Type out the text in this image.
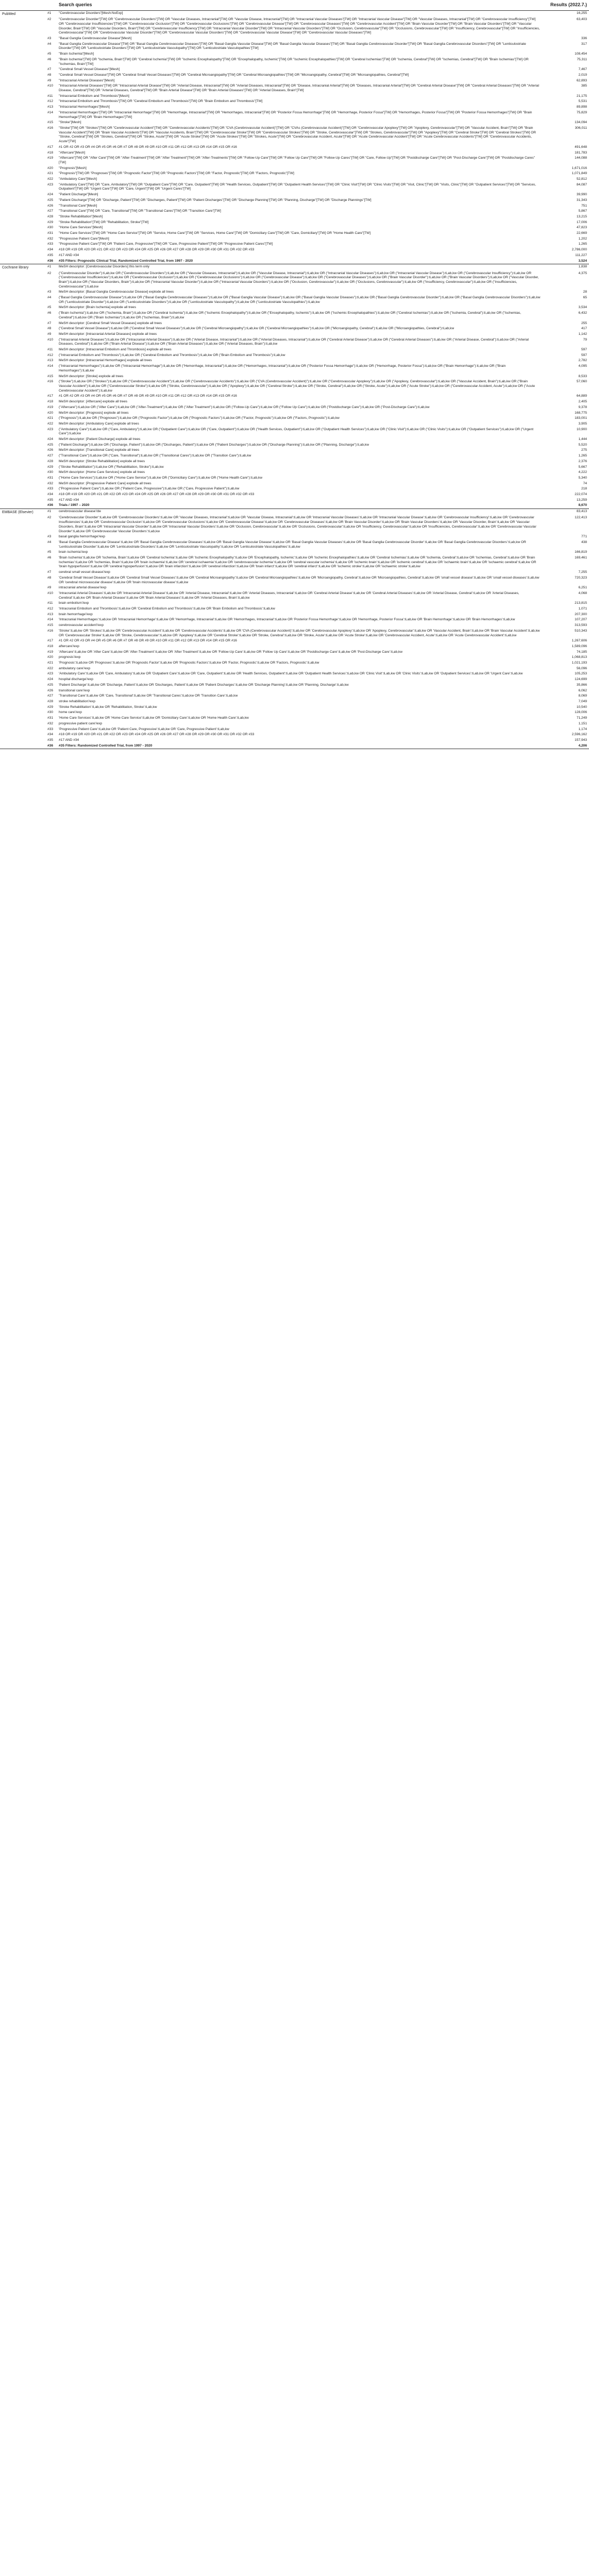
		Search queries	Results (2022.7.)
PubMed	#1	"Cerebrovascular Disorders"[Mesh:NoExp]	16,255
	#2	"Cerebrovascular Disorder"[TW] OR "Cerebrovascular Disorders"[TW] OR "Vascular Diseases, Intracranial"[TW] OR "Vascular Disease, Intracranial"[TW] OR "Intracranial Vascular Diseases"[TW] OR "Intracranial Vascular Disease"[TW] OR "Vascular Diseases, Intracranial"[TW] OR "Cerebrovascular Insufficiency"[TW] OR "Cerebrovascular Insufficiencies"[TW] OR "Cerebrovascular Occlusion"[TW] OR "Cerebrovascular Occlusions"[TW] OR "Cerebrovascular Disease"[TW] OR "Cerebrovascular Diseases"[TW] OR "Cerebrovascular Accident"[TW] OR "Brain Vascular Disorder"[TW] OR "Brain Vascular Disorders"[TW] OR "Vascular Disorder, Brain"[TW] OR "Vascular Disorders, Brain"[TW] OR "Cerebrovascular Insufficiency"[TW] OR "Intracranial Vascular Disorder"[TW] OR "Intracranial Vascular Disorders"[TW] OR "Occlusion, Cerebrovascular"[TW] OR "Occlusions, Cerebrovascular"[TW] OR "Insufficiency, Cerebrovascular"[TW] OR "Insufficiencies, Cerebrovascular"[TW] OR "Cerebrovascular Vascular Disorder"[TW] OR "Cerebrovascular Vascular Disorders"[TW] OR "Cerebrovascular Vascular Disease"[TW] OR "Cerebrovascular Vascular Diseases"[TW]	63,403
	#3	"Basal Ganglia Cerebrovascular Disease"[Mesh]	336
	#4	"Basal Ganglia Cerebrovascular Disease"[TW] OR "Basal Ganglia Cerebrovascular Diseases"[TW] OR "Basal Ganglia Vascular Disease"[TW] OR "Basal Ganglia Vascular Diseases"[TW] OR "Basal Ganglia Cerebrovascular Disorder"[TW] OR "Basal Ganglia Cerebrovascular Disorders"[TW] OR "Lenticulostriate Disorder"[TW] OR "Lenticulostriate Disorders"[TW] OR "Lenticulostriate Vasculopathy"[TW] OR "Lenticulostriate Vasculopathies"[TW]	317
	#5	"Brain Ischemia"[Mesh]	108,454
	#6	"Brain Ischemia"[TW] OR "Ischemia, Brain"[TW] OR "Cerebral Ischemia"[TW] OR "Ischemic Encephalopathy"[TW] OR "Encephalopathy, Ischemic"[TW] OR "Ischemic Encephalopathies"[TW] OR "Cerebral Ischemias"[TW] OR "Ischemia, Cerebral"[TW] OR "Ischemias, Cerebral"[TW] OR "Brain Ischemias"[TW] OR "Ischemias, Brain"[TW]	75,311
	#7	"Cerebral Small Vessel Diseases"[Mesh]	7,467
	#8	"Cerebral Small Vessel Disease"[TW] OR "Cerebral Small Vessel Diseases"[TW] OR "Cerebral Microangiopathy"[TW] OR "Cerebral Microangiopathies"[TW] OR "Microangiopathy, Cerebral"[TW] OR "Microangiopathies, Cerebral"[TW]	2,019
	#9	"Intracranial Arterial Diseases"[Mesh]	62,893
	#10	"Intracranial Arterial Diseases"[TW] OR "Intracranial Arterial Disease"[TW] OR "Arterial Disease, Intracranial"[TW] OR "Arterial Diseases, Intracranial"[TW] OR "Disease, Intracranial Arterial"[TW] OR "Diseases, Intracranial Arterial"[TW] OR "Cerebral Arterial Disease"[TW] OR "Cerebral Arterial Diseases"[TW] OR "Arterial Disease, Cerebral"[TW] OR "Arterial Diseases, Cerebral"[TW] OR "Brain Arterial Disease"[TW] OR "Brain Arterial Diseases"[TW] OR "Arterial Diseases, Brain"[TW]	385
	#11	"Intracranial Embolism and Thrombosis"[Mesh]	21,175
	#12	"Intracranial Embolism and Thrombosis"[TW] OR "Cerebral Embolism and Thrombosis"[TW] OR "Brain Embolism and Thrombosis"[TW]	5,531
	#13	"Intracranial Hemorrhages"[Mesh]	89,898
	#14	"Intracranial Hemorrhages"[TW] OR "Intracranial Hemorrhage"[TW] OR "Hemorrhage, Intracranial"[TW] OR "Hemorrhages, Intracranial"[TW] OR "Posterior Fossa Hemorrhage"[TW] OR "Hemorrhage, Posterior Fossa"[TW] OR "Hemorrhages, Posterior Fossa"[TW] OR "Posterior Fossa Hemorrhages"[TW] OR "Brain Hemorrhage"[TW] OR "Brain Hemorrhages"[TW]	75,829
	#15	"Stroke"[Mesh]	134,094
	#16	"Stroke"[TW] OR "Strokes"[TW] OR "Cerebrovascular Accident"[TW] OR "Cerebrovascular Accidents"[TW] OR "CVA (Cerebrovascular Accident)"[TW] OR "CVAs (Cerebrovascular Accident)"[TW] OR "Cerebrovascular Apoplexy"[TW] OR "Apoplexy, Cerebrovascular"[TW] OR "Vascular Accident, Brain"[TW] OR "Brain Vascular Accident"[TW] OR "Brain Vascular Accidents"[TW] OR "Vascular Accidents, Brain"[TW] OR "Cerebrovascular Stroke"[TW] OR "Cerebrovascular Strokes"[TW] OR "Stroke, Cerebrovascular"[TW] OR "Strokes, Cerebrovascular"[TW] OR "Apoplexy"[TW] OR "Cerebral Stroke"[TW] OR "Cerebral Strokes"[TW] OR "Stroke, Cerebral"[TW] OR "Strokes, Cerebral"[TW] OR "Stroke, Acute"[TW] OR "Acute Stroke"[TW] OR "Acute Strokes"[TW] OR "Strokes, Acute"[TW] OR "Cerebrovascular Accident, Acute"[TW] OR "Acute Cerebrovascular Accident"[TW] OR "Acute Cerebrovascular Accidents"[TW] OR "Cerebrovascular Accidents, Acute"[TW]	306,011
	#17	#1 OR #2 OR #3 OR #4 OR #5 OR #6 OR #7 OR #8 OR #9 OR #10 OR #11 OR #12 OR #13 OR #14 OR #15 OR #16	491,648
	#18	"Aftercare"[Mesh]	181,783
	#19	"Aftercare"[TW] OR "After Care"[TW] OR "After-Treatment"[TW] OR "After Treatment"[TW] OR "After-Treatments"[TW] OR "Follow-Up Care"[TW] OR "Follow Up Care"[TW] OR "Follow-Up Cares"[TW] OR "Care, Follow-Up"[TW] OR "Postdischarge Care"[TW] OR "Post-Discharge Care"[TW] OR "Postdischarge Cares"[TW]	144,088
	#20	"Prognosis"[Mesh]	1,671,016
	#21	"Prognosis"[TW] OR "Prognoses"[TW] OR "Prognostic Factor"[TW] OR "Prognostic Factors"[TW] OR "Factor, Prognostic"[TW] OR "Factors, Prognostic"[TW]	1,071,849
	#22	"Ambulatory Care"[Mesh]	52,812
	#23	"Ambulatory Care"[TW] OR "Care, Ambulatory"[TW] OR "Outpatient Care"[TW] OR "Care, Outpatient"[TW] OR "Health Services, Outpatient"[TW] OR "Outpatient Health Services"[TW] OR "Clinic Visit"[TW] OR "Clinic Visits"[TW] OR "Visit, Clinic"[TW] OR "Visits, Clinic"[TW] OR "Outpatient Services"[TW] OR "Services, Outpatient"[TW] OR "Urgent Care"[TW] OR "Care, Urgent"[TW] OR "Urgent Cares"[TW]	84,087
	#24	"Patient Discharge"[Mesh]	39,990
	#25	"Patient Discharge"[TW] OR "Discharge, Patient"[TW] OR "Discharges, Patient"[TW] OR "Patient Discharges"[TW] OR "Discharge Planning"[TW] OR "Planning, Discharge"[TW] OR "Discharge Plannings"[TW]	31,343
	#26	"Transitional Care"[Mesh]	751
	#27	"Transitional Care"[TW] OR "Care, Transitional"[TW] OR "Transitional Cares"[TW] OR "Transition Care"[TW]	5,867
	#28	"Stroke Rehabilitation"[Mesh]	13,215
	#29	"Stroke Rehabilitation"[TW] OR "Rehabilitation, Stroke"[TW]	17,006
	#30	"Home Care Services"[Mesh]	47,823
	#31	"Home Care Services"[TW] OR "Home Care Service"[TW] OR "Service, Home Care"[TW] OR "Services, Home Care"[TW] OR "Domiciliary Care"[TW] OR "Care, Domiciliary"[TW] OR "Home Health Care"[TW]	22,669
	#32	"Progressive Patient Care"[Mesh]	1,202
	#33	"Progressive Patient Care"[TW] OR "Patient Care, Progressive"[TW] OR "Care, Progressive Patient"[TW] OR "Progressive Patient Cares"[TW]	1,265
	#34	#18 OR #19 OR #20 OR #21 OR #22 OR #23 OR #24 OR #25 OR #26 OR #27 OR #28 OR #29 OR #30 OR #31 OR #32 OR #33	2,786,000
	#35	#17 AND #34	111,227
	#36	#35 Filters: Prognostic Clinical Trial, Randomized Controlled Trial, from 1997 - 2020	3,524
Cochrane library	#1	MeSH descriptor: [Cerebrovascular Disorders] this term only	1,838
	#2	("Cerebrovascular Disorder"):ti,ab,kw OR ("Cerebrovascular Disorders"):ti,ab,kw OR ("Vascular Diseases, Intracranial"):ti,ab,kw OR ("Vascular Disease, Intracranial"):ti,ab,kw OR ("Intracranial Vascular Diseases"):ti,ab,kw OR ("Intracranial Vascular Disease"):ti,ab,kw OR ("Cerebrovascular Insufficiency"):ti,ab,kw OR ("Cerebrovascular Insufficiencies"):ti,ab,kw OR ("Cerebrovascular Occlusion"):ti,ab,kw OR ("Cerebrovascular Occlusions"):ti,ab,kw OR ("Cerebrovascular Disease"):ti,ab,kw OR ("Cerebrovascular Diseases"):ti,ab,kw OR ("Brain Vascular Disorder"):ti,ab,kw OR ("Brain Vascular Disorders"):ti,ab,kw OR ("Vascular Disorder, Brain"):ti,ab,kw OR ("Vascular Disorders, Brain"):ti,ab,kw OR ("Intracranial Vascular Disorder"):ti,ab,kw OR ("Intracranial Vascular Disorders"):ti,ab,kw OR ("Occlusion, Cerebrovascular"):ti,ab,kw OR ("Occlusions, Cerebrovascular"):ti,ab,kw OR ("Insufficiency, Cerebrovascular"):ti,ab,kw OR ("Insufficiencies, Cerebrovascular"):ti,ab,kw	4,375
	#3	MeSH descriptor: [Basal Ganglia Cerebrovascular Disease] explode all trees	28
	#4	("Basal Ganglia Cerebrovascular Disease"):ti,ab,kw OR ("Basal Ganglia Cerebrovascular Diseases"):ti,ab,kw OR ("Basal Ganglia Vascular Disease"):ti,ab,kw OR ("Basal Ganglia Vascular Diseases"):ti,ab,kw OR ("Basal Ganglia Cerebrovascular Disorder"):ti,ab,kw OR ("Basal Ganglia Cerebrovascular Disorders"):ti,ab,kw OR ("Lenticulostriate Disorder"):ti,ab,kw OR ("Lenticulostriate Disorders"):ti,ab,kw OR ("Lenticulostriate Vasculopathy"):ti,ab,kw OR ("Lenticulostriate Vasculopathies"):ti,ab,kw	65
	#5	MeSH descriptor: [Brain Ischemia] explode all trees	3,534
	#6	("Brain Ischemia"):ti,ab,kw OR ("Ischemia, Brain"):ti,ab,kw OR ("Cerebral Ischemia"):ti,ab,kw OR ("Ischemic Encephalopathy"):ti,ab,kw OR ("Encephalopathy, Ischemic"):ti,ab,kw OR ("Ischemic Encephalopathies"):ti,ab,kw OR ("Cerebral Ischemias"):ti,ab,kw OR ("Ischemia, Cerebral"):ti,ab,kw OR ("Ischemias, Cerebral"):ti,ab,kw OR ("Brain Ischemias"):ti,ab,kw OR ("Ischemias, Brain"):ti,ab,kw	6,432
	#7	MeSH descriptor: [Cerebral Small Vessel Diseases] explode all trees	255
	#8	("Cerebral Small Vessel Disease"):ti,ab,kw OR ("Cerebral Small Vessel Diseases"):ti,ab,kw OR ("Cerebral Microangiopathy"):ti,ab,kw OR ("Cerebral Microangiopathies"):ti,ab,kw OR ("Microangiopathy, Cerebral"):ti,ab,kw OR ("Microangiopathies, Cerebral"):ti,ab,kw	417
	#9	MeSH descriptor: [Intracranial Arterial Diseases] explode all trees	1,142
	#10	("Intracranial Arterial Diseases"):ti,ab,kw OR ("Intracranial Arterial Disease"):ti,ab,kw OR ("Arterial Disease, Intracranial"):ti,ab,kw OR ("Arterial Diseases, Intracranial"):ti,ab,kw OR ("Cerebral Arterial Disease"):ti,ab,kw OR ("Cerebral Arterial Diseases"):ti,ab,kw OR ("Arterial Disease, Cerebral"):ti,ab,kw OR ("Arterial Diseases, Cerebral"):ti,ab,kw OR ("Brain Arterial Disease"):ti,ab,kw OR ("Brain Arterial Diseases"):ti,ab,kw OR ("Arterial Diseases, Brain"):ti,ab,kw	79
	#11	MeSH descriptor: [Intracranial Embolism and Thrombosis] explode all trees	597
	#12	("Intracranial Embolism and Thrombosis"):ti,ab,kw OR ("Cerebral Embolism and Thrombosis"):ti,ab,kw OR ("Brain Embolism and Thrombosis"):ti,ab,kw	597
	#13	MeSH descriptor: [Intracranial Hemorrhages] explode all trees	2,782
	#14	("Intracranial Hemorrhages"):ti,ab,kw OR ("Intracranial Hemorrhage"):ti,ab,kw OR ("Hemorrhage, Intracranial"):ti,ab,kw OR ("Hemorrhages, Intracranial"):ti,ab,kw OR ("Posterior Fossa Hemorrhage"):ti,ab,kw OR ("Hemorrhage, Posterior Fossa"):ti,ab,kw OR ("Brain Hemorrhage"):ti,ab,kw OR ("Brain Hemorrhages"):ti,ab,kw	4,095
	#15	MeSH descriptor: [Stroke] explode all trees	8,533
	#16	("Stroke"):ti,ab,kw OR ("Strokes"):ti,ab,kw OR ("Cerebrovascular Accident"):ti,ab,kw OR ("Cerebrovascular Accidents"):ti,ab,kw OR ("CVA (Cerebrovascular Accident)"):ti,ab,kw OR ("Cerebrovascular Apoplexy"):ti,ab,kw OR ("Apoplexy, Cerebrovascular"):ti,ab,kw OR ("Vascular Accident, Brain"):ti,ab,kw OR ("Brain Vascular Accident"):ti,ab,kw OR ("Cerebrovascular Stroke"):ti,ab,kw OR ("Stroke, Cerebrovascular"):ti,ab,kw OR ("Apoplexy"):ti,ab,kw OR ("Cerebral Stroke"):ti,ab,kw OR ("Stroke, Cerebral"):ti,ab,kw OR ("Stroke, Acute"):ti,ab,kw OR ("Acute Stroke"):ti,ab,kw OR ("Cerebrovascular Accident, Acute"):ti,ab,kw OR ("Acute Cerebrovascular Accident"):ti,ab,kw	57,060
	#17	#1 OR #2 OR #3 OR #4 OR #5 OR #6 OR #7 OR #8 OR #9 OR #10 OR #11 OR #12 OR #13 OR #14 OR #15 OR #16	64,889
	#18	MeSH descriptor: [Aftercare] explode all trees	2,405
	#19	("Aftercare"):ti,ab,kw OR ("After Care"):ti,ab,kw OR ("After-Treatment"):ti,ab,kw OR ("After Treatment"):ti,ab,kw OR ("Follow-Up Care"):ti,ab,kw OR ("Follow Up Care"):ti,ab,kw OR ("Postdischarge Care"):ti,ab,kw OR ("Post-Discharge Care"):ti,ab,kw	9,378
	#20	MeSH descriptor: [Prognosis] explode all trees	168,775
	#21	("Prognosis"):ti,ab,kw OR ("Prognoses"):ti,ab,kw OR ("Prognostic Factor"):ti,ab,kw OR ("Prognostic Factors"):ti,ab,kw OR ("Factor, Prognostic"):ti,ab,kw OR ("Factors, Prognostic"):ti,ab,kw	183,001
	#22	MeSH descriptor: [Ambulatory Care] explode all trees	3,905
	#23	("Ambulatory Care"):ti,ab,kw OR ("Care, Ambulatory"):ti,ab,kw OR ("Outpatient Care"):ti,ab,kw OR ("Care, Outpatient"):ti,ab,kw OR ("Health Services, Outpatient"):ti,ab,kw OR ("Outpatient Health Services"):ti,ab,kw OR ("Clinic Visit"):ti,ab,kw OR ("Clinic Visits"):ti,ab,kw OR ("Outpatient Services"):ti,ab,kw OR ("Urgent Care"):ti,ab,kw	10,900
	#24	MeSH descriptor: [Patient Discharge] explode all trees	1,444
	#25	("Patient Discharge"):ti,ab,kw OR ("Discharge, Patient"):ti,ab,kw OR ("Discharges, Patient"):ti,ab,kw OR ("Patient Discharges"):ti,ab,kw OR ("Discharge Planning"):ti,ab,kw OR ("Planning, Discharge"):ti,ab,kw	5,520
	#26	MeSH descriptor: [Transitional Care] explode all trees	275
	#27	("Transitional Care"):ti,ab,kw OR ("Care, Transitional"):ti,ab,kw OR ("Transitional Cares"):ti,ab,kw OR ("Transition Care"):ti,ab,kw	1,265
	#28	MeSH descriptor: [Stroke Rehabilitation] explode all trees	2,376
	#29	("Stroke Rehabilitation"):ti,ab,kw OR ("Rehabilitation, Stroke"):ti,ab,kw	5,667
	#30	MeSH descriptor: [Home Care Services] explode all trees	4,222
	#31	("Home Care Services"):ti,ab,kw OR ("Home Care Service"):ti,ab,kw OR ("Domiciliary Care"):ti,ab,kw OR ("Home Health Care"):ti,ab,kw	5,340
	#32	MeSH descriptor: [Progressive Patient Care] explode all trees	74
	#33	("Progressive Patient Care"):ti,ab,kw OR ("Patient Care, Progressive"):ti,ab,kw OR ("Care, Progressive Patient"):ti,ab,kw	218
	#34	#18 OR #19 OR #20 OR #21 OR #22 OR #23 OR #24 OR #25 OR #26 OR #27 OR #28 OR #29 OR #30 OR #31 OR #32 OR #33	222,074
	#35	#17 AND #34	13,259
	#36	Trials / 1997 – 2020	8,670
EMBASE (Elsevier)	#1	cerebrovascular disease'/de	83,413
	#2	'Cerebrovascular Disorder':ti,ab,kw OR 'Cerebrovascular Disorders':ti,ab,kw OR 'Vascular Diseases, Intracranial':ti,ab,kw OR 'Vascular Disease, Intracranial':ti,ab,kw OR 'Intracranial Vascular Diseases':ti,ab,kw OR 'Intracranial Vascular Disease':ti,ab,kw OR 'Cerebrovascular Insufficiency':ti,ab,kw OR 'Cerebrovascular Insufficiencies':ti,ab,kw OR 'Cerebrovascular Occlusion':ti,ab,kw OR 'Cerebrovascular Occlusions':ti,ab,kw OR 'Cerebrovascular Disease':ti,ab,kw OR 'Cerebrovascular Diseases':ti,ab,kw OR 'Brain Vascular Disorder':ti,ab,kw OR 'Brain Vascular Disorders':ti,ab,kw OR 'Vascular Disorder, Brain':ti,ab,kw OR 'Vascular Disorders, Brain':ti,ab,kw OR 'Intracranial Vascular Disorder':ti,ab,kw OR 'Intracranial Vascular Disorders':ti,ab,kw OR 'Occlusion, Cerebrovascular':ti,ab,kw OR 'Occlusions, Cerebrovascular':ti,ab,kw OR 'Insufficiency, Cerebrovascular':ti,ab,kw OR 'Insufficiencies, Cerebrovascular':ti,ab,kw OR 'Cerebrovascular Vascular Disorder':ti,ab,kw OR 'Cerebrovascular Vascular Disorders':ti,ab,kw	122,413
	#3	basal ganglia hemorrhage'/exp	771
	#4	'Basal Ganglia Cerebrovascular Disease':ti,ab,kw OR 'Basal Ganglia Cerebrovascular Diseases':ti,ab,kw OR 'Basal Ganglia Vascular Disease':ti,ab,kw OR 'Basal Ganglia Vascular Diseases':ti,ab,kw OR 'Basal Ganglia Cerebrovascular Disorder':ti,ab,kw OR 'Basal Ganglia Cerebrovascular Disorders':ti,ab,kw OR 'Lenticulostriate Disorder':ti,ab,kw OR 'Lenticulostriate Disorders':ti,ab,kw OR 'Lenticulostriate Vasculopathy':ti,ab,kw OR 'Lenticulostriate Vasculopathies':ti,ab,kw	438
	#5	brain ischemia'/exp	166,819
	#6	'Brain Ischemia':ti,ab,kw OR 'Ischemia, Brain':ti,ab,kw OR 'Cerebral Ischemia':ti,ab,kw OR 'Ischemic Encephalopathy':ti,ab,kw OR 'Encephalopathy, Ischemic':ti,ab,kw OR 'Ischemic Encephalopathies':ti,ab,kw OR 'Cerebral Ischemias':ti,ab,kw OR 'Ischemia, Cerebral':ti,ab,kw OR 'Ischemias, Cerebral':ti,ab,kw OR 'Brain Ischemias':ti,ab,kw OR 'Ischemias, Brain':ti,ab,kw OR 'brain ischaemia':ti,ab,kw OR 'cerebral ischaemia':ti,ab,kw OR 'cerebrovascular ischemia':ti,ab,kw OR 'cerebral vascular ischemia':ti,ab,kw OR 'ischemic brain':ti,ab,kw OR 'ischemic cerebral':ti,ab,kw OR 'ischaemic brain':ti,ab,kw OR 'ischaemic cerebral':ti,ab,kw OR 'brain hypoperfusion':ti,ab,kw OR 'cerebral hypoperfusion':ti,ab,kw OR 'brain infarction':ti,ab,kw OR 'cerebral infarction':ti,ab,kw OR 'brain infarct':ti,ab,kw OR 'cerebral infarct':ti,ab,kw OR 'ischemic stroke':ti,ab,kw OR 'ischaemic stroke':ti,ab,kw	169,461
	#7	cerebral small vessel disease'/exp	7,255
	#8	'Cerebral Small Vessel Disease':ti,ab,kw OR 'Cerebral Small Vessel Diseases':ti,ab,kw OR 'Cerebral Microangiopathy':ti,ab,kw OR 'Cerebral Microangiopathies':ti,ab,kw OR 'Microangiopathy, Cerebral':ti,ab,kw OR 'Microangiopathies, Cerebral':ti,ab,kw OR 'small vessel disease':ti,ab,kw OR 'small vessel diseases':ti,ab,kw OR 'cerebral microvascular disease':ti,ab,kw OR 'brain microvascular disease':ti,ab,kw	720,323
	#9	intracranial arterial disease'/exp	6,251
	#10	'Intracranial Arterial Diseases':ti,ab,kw OR 'Intracranial Arterial Disease':ti,ab,kw OR 'Arterial Disease, Intracranial':ti,ab,kw OR 'Arterial Diseases, Intracranial':ti,ab,kw OR 'Cerebral Arterial Disease':ti,ab,kw OR 'Cerebral Arterial Diseases':ti,ab,kw OR 'Arterial Disease, Cerebral':ti,ab,kw OR 'Arterial Diseases, Cerebral':ti,ab,kw OR 'Brain Arterial Disease':ti,ab,kw OR 'Brain Arterial Diseases':ti,ab,kw OR 'Arterial Diseases, Brain':ti,ab,kw	4,068
	#11	brain embolism'/exp	213,815
	#12	'Intracranial Embolism and Thrombosis':ti,ab,kw OR 'Cerebral Embolism and Thrombosis':ti,ab,kw OR 'Brain Embolism and Thrombosis':ti,ab,kw	1,071
	#13	brain hemorrhage'/exp	207,300
	#14	'Intracranial Hemorrhages':ti,ab,kw OR 'Intracranial Hemorrhage':ti,ab,kw OR 'Hemorrhage, Intracranial':ti,ab,kw OR 'Hemorrhages, Intracranial':ti,ab,kw OR 'Posterior Fossa Hemorrhage':ti,ab,kw OR 'Hemorrhage, Posterior Fossa':ti,ab,kw OR 'Brain Hemorrhage':ti,ab,kw OR 'Brain Hemorrhages':ti,ab,kw	107,207
	#15	cerebrovascular accident'/exp	313,593
	#16	'Stroke':ti,ab,kw OR 'Strokes':ti,ab,kw OR 'Cerebrovascular Accident':ti,ab,kw OR 'Cerebrovascular Accidents':ti,ab,kw OR 'CVA (Cerebrovascular Accident)':ti,ab,kw OR 'Cerebrovascular Apoplexy':ti,ab,kw OR 'Apoplexy, Cerebrovascular':ti,ab,kw OR 'Vascular Accident, Brain':ti,ab,kw OR 'Brain Vascular Accident':ti,ab,kw OR 'Cerebrovascular Stroke':ti,ab,kw OR 'Stroke, Cerebrovascular':ti,ab,kw OR 'Apoplexy':ti,ab,kw OR 'Cerebral Stroke':ti,ab,kw OR 'Stroke, Cerebral':ti,ab,kw OR 'Stroke, Acute':ti,ab,kw OR 'Acute Stroke':ti,ab,kw OR 'Cerebrovascular Accident, Acute':ti,ab,kw OR 'Acute Cerebrovascular Accident':ti,ab,kw	510,343
	#17	#1 OR #2 OR #3 OR #4 OR #5 OR #6 OR #7 OR #8 OR #9 OR #10 OR #11 OR #12 OR #13 OR #14 OR #15 OR #16	1,267,606
	#18	aftercare'/exp	1,589,096
	#19	'Aftercare':ti,ab,kw OR 'After Care':ti,ab,kw OR 'After-Treatment':ti,ab,kw OR 'After Treatment':ti,ab,kw OR 'Follow-Up Care':ti,ab,kw OR 'Follow Up Care':ti,ab,kw OR 'Postdischarge Care':ti,ab,kw OR 'Post-Discharge Care':ti,ab,kw	74,185
	#20	prognosis'/exp	1,068,813
	#21	'Prognosis':ti,ab,kw OR 'Prognoses':ti,ab,kw OR 'Prognostic Factor':ti,ab,kw OR 'Prognostic Factors':ti,ab,kw OR 'Factor, Prognostic':ti,ab,kw OR 'Factors, Prognostic':ti,ab,kw	1,021,193
	#22	ambulatory care'/exp	56,096
	#23	'Ambulatory Care':ti,ab,kw OR 'Care, Ambulatory':ti,ab,kw OR 'Outpatient Care':ti,ab,kw OR 'Care, Outpatient':ti,ab,kw OR 'Health Services, Outpatient':ti,ab,kw OR 'Outpatient Health Services':ti,ab,kw OR 'Clinic Visit':ti,ab,kw OR 'Clinic Visits':ti,ab,kw OR 'Outpatient Services':ti,ab,kw OR 'Urgent Care':ti,ab,kw	105,253
	#24	hospital discharge'/exp	124,699
	#25	'Patient Discharge':ti,ab,kw OR 'Discharge, Patient':ti,ab,kw OR 'Discharges, Patient':ti,ab,kw OR 'Patient Discharges':ti,ab,kw OR 'Discharge Planning':ti,ab,kw OR 'Planning, Discharge':ti,ab,kw	35,866
	#26	transitional care'/exp	6,062
	#27	'Transitional Care':ti,ab,kw OR 'Care, Transitional':ti,ab,kw OR 'Transitional Cares':ti,ab,kw OR 'Transition Care':ti,ab,kw	8,069
	#28	stroke rehabilitation'/exp	7,049
	#29	'Stroke Rehabilitation':ti,ab,kw OR 'Rehabilitation, Stroke':ti,ab,kw	10,540
	#30	home care'/exp	128,006
	#31	'Home Care Services':ti,ab,kw OR 'Home Care Service':ti,ab,kw OR 'Domiciliary Care':ti,ab,kw OR 'Home Health Care':ti,ab,kw	71,249
	#32	progressive patient care'/exp	1,151
	#33	'Progressive Patient Care':ti,ab,kw OR 'Patient Care, Progressive':ti,ab,kw OR 'Care, Progressive Patient':ti,ab,kw	1,174
	#34	#18 OR #19 OR #20 OR #21 OR #22 OR #23 OR #24 OR #25 OR #26 OR #27 OR #28 OR #29 OR #30 OR #31 OR #32 OR #33	2,596,162
	#35	#17 AND #34	157,943
	#36	#35 Filters: Randomized Controlled Trial, from 1997 - 2020	4,206
